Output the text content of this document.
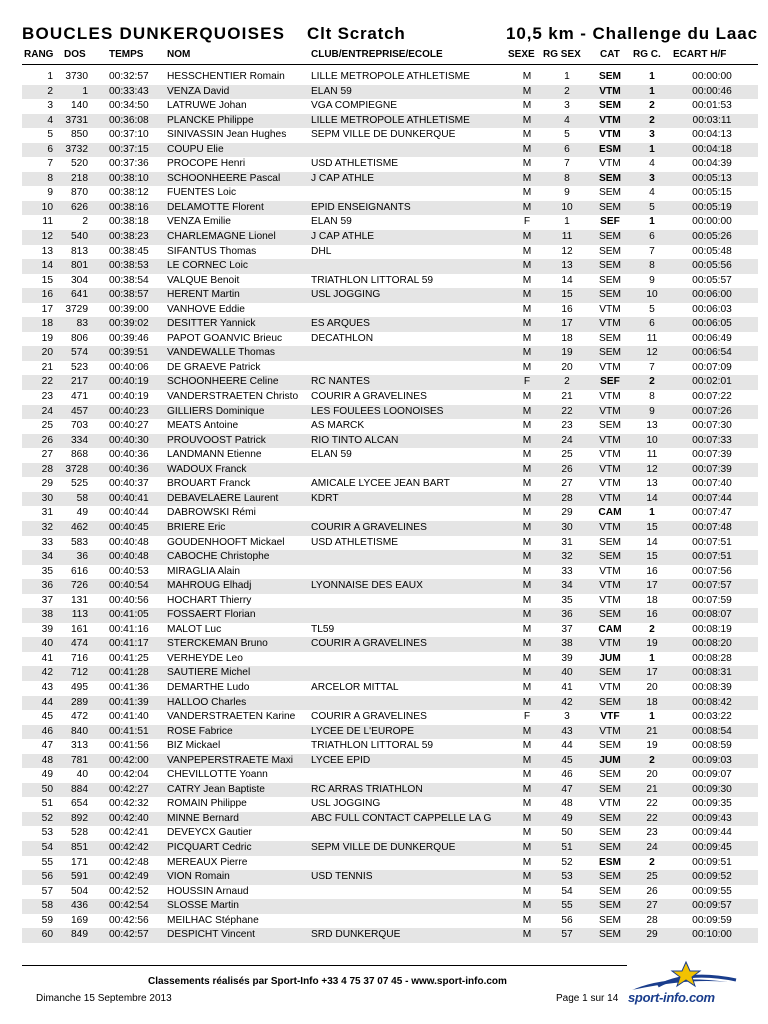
BOUCLES DUNKERQUOISES Clt Scratch	10,5 km - Challenge du Laac
RANG DOS TEMPS NOM	CLUB/ENTREPRISE/ECOLE	SEXE RG SEX CAT RG C. ECART H/F
1	3730 00:32:57 HESSCHENTIER Romain	LILLE METROPOLE ATHLETISME	M	1	SEM	1	00:00:00
2	1 00:33:43 VENZA David	ELAN 59	M	2	VTM	1	00:00:46
3	140 00:34:50 LATRUWE Johan	VGA COMPIEGNE	M	3	SEM	2	00:01:53
4	3731 00:36:08 PLANCKE Philippe	LILLE METROPOLE ATHLETISME	M	4	VTM	2	00:03:11
5	850 00:37:10 SINIVASSIN Jean Hughes	SEPM VILLE DE DUNKERQUE	M	5	VTM	3	00:04:13
6	3732 00:37:15 COUPU Elie	M	6	ESM	1	00:04:18
7	520 00:37:36 PROCOPE Henri	USD ATHLETISME	M	7	VTM	4	00:04:39
8	218 00:38:10 SCHOONHEERE Pascal	J CAP ATHLE	M	8	SEM	3	00:05:13
9	870 00:38:12 FUENTES Loic	M	9	SEM	4	00:05:15
10	626 00:38:16 DELAMOTTE Florent	EPID ENSEIGNANTS	M	10	SEM	5	00:05:19
11	2 00:38:18 VENZA Emilie	ELAN 59	F	1	SEF	1	00:00:00
12	540 00:38:23 CHARLEMAGNE Lionel	J CAP ATHLE	M	11	SEM	6	00:05:26
13	813 00:38:45 SIFANTUS Thomas	DHL	M	12	SEM	7	00:05:48
14	801 00:38:53 LE CORNEC Loic	M	13	SEM	8	00:05:56
15	304 00:38:54 VALQUE Benoit	TRIATHLON LITTORAL 59	M	14	SEM	9	00:05:57
16	641 00:38:57 HERENT Martin	USL JOGGING	M	15	SEM	10	00:06:00
17	3729 00:39:00 VANHOVE Eddie	M	16	VTM	5	00:06:03
18	83 00:39:02 DESITTER Yannick	ES ARQUES	M	17	VTM	6	00:06:05
19	806 00:39:46 PAPOT GOANVIC Brieuc	DECATHLON	M	18	SEM	11	00:06:49
20	574 00:39:51 VANDEWALLE Thomas	M	19	SEM	12	00:06:54
21	523 00:40:06 DE GRAEVE Patrick	M	20	VTM	7	00:07:09
22	217 00:40:19 SCHOONHEERE Celine	RC NANTES	F	2	SEF	2	00:02:01
23	471 00:40:19 VANDERSTRAETEN Christo	COURIR A GRAVELINES	M	21	VTM	8	00:07:22
24	457 00:40:23 GILLIERS Dominique	LES FOULEES LOONOISES	M	22	VTM	9	00:07:26
25	703 00:40:27 MEATS Antoine	AS MARCK	M	23	SEM	13	00:07:30
26	334 00:40:30 PROUVOOST Patrick	RIO TINTO ALCAN	M	24	VTM	10	00:07:33
27	868 00:40:36 LANDMANN Etienne	ELAN 59	M	25	VTM	11	00:07:39
28	3728 00:40:36 WADOUX Franck	M	26	VTM	12	00:07:39
29	525 00:40:37 BROUART Franck	AMICALE LYCEE JEAN BART	M	27	VTM	13	00:07:40
30	58 00:40:41 DEBAVELAERE Laurent	KDRT	M	28	VTM	14	00:07:44
31	49 00:40:44 DABROWSKI Rémi	M	29	CAM	1	00:07:47
32	462 00:40:45 BRIERE Eric	COURIR A GRAVELINES	M	30	VTM	15	00:07:48
33	583 00:40:48 GOUDENHOOFT Mickael	USD ATHLETISME	M	31	SEM	14	00:07:51
34	36 00:40:48 CABOCHE Christophe	M	32	SEM	15	00:07:51
35	616 00:40:53 MIRAGLIA Alain	M	33	VTM	16	00:07:56
36	726 00:40:54 MAHROUG Elhadj	LYONNAISE DES EAUX	M	34	VTM	17	00:07:57
37	131 00:40:56 HOCHART Thierry	M	35	VTM	18	00:07:59
38	113 00:41:05 FOSSAERT Florian	M	36	SEM	16	00:08:07
39	161 00:41:16 MALOT Luc	TL59	M	37	CAM	2	00:08:19
40	474 00:41:17 STERCKEMAN Bruno	COURIR A GRAVELINES	M	38	VTM	19	00:08:20
41	716 00:41:25 VERHEYDE Leo	M	39	JUM	1	00:08:28
42	712 00:41:28 SAUTIERE Michel	M	40	SEM	17	00:08:31
43	495 00:41:36 DEMARTHE Ludo	ARCELOR MITTAL	M	41	VTM	20	00:08:39
44	289 00:41:39 HALLOO Charles	M	42	SEM	18	00:08:42
45	472 00:41:40 VANDERSTRAETEN Karine	COURIR A GRAVELINES	F	3	VTF	1	00:03:22
46	840 00:41:51 ROSE Fabrice	LYCEE DE L'EUROPE	M	43	VTM	21	00:08:54
47	313 00:41:56 BIZ Mickael	TRIATHLON LITTORAL 59	M	44	SEM	19	00:08:59
48	781 00:42:00 VANPEPERSTRAETE Maxi	LYCEE EPID	M	45	JUM	2	00:09:03
49	40 00:42:04 CHEVILLOTTE Yoann	M	46	SEM	20	00:09:07
50	884 00:42:27 CATRY Jean Baptiste	RC ARRAS TRIATHLON	M	47	SEM	21	00:09:30
51	654 00:42:32 ROMAIN Philippe	USL JOGGING	M	48	VTM	22	00:09:35
52	892 00:42:40 MINNE Bernard	ABC FULL CONTACT CAPPELLE LA G	M	49	SEM	22	00:09:43
53	528 00:42:41 DEVEYCX Gautier	M	50	SEM	23	00:09:44
54	851 00:42:42 PICQUART Cedric	SEPM VILLE DE DUNKERQUE	M	51	SEM	24	00:09:45
55	171 00:42:48 MEREAUX Pierre	M	52	ESM	2	00:09:51
56	591 00:42:49 VION Romain	USD TENNIS	M	53	SEM	25	00:09:52
57	504 00:42:52 HOUSSIN Arnaud	M	54	SEM	26	00:09:55
58	436 00:42:54 SLOSSE Martin	M	55	SEM	27	00:09:57
59	169 00:42:56 MEILHAC Stéphane	M	56	SEM	28	00:09:59
60	849 00:42:57 DESPICHT Vincent	SRD DUNKERQUE	M	57	SEM	29	00:10:00
Classements réalisés par Sport-Info +33 4 75 37 07 45 - www.sport-info.com
Dimanche 15 Septembre 2013	Page 1 sur 14 sport-info.com
